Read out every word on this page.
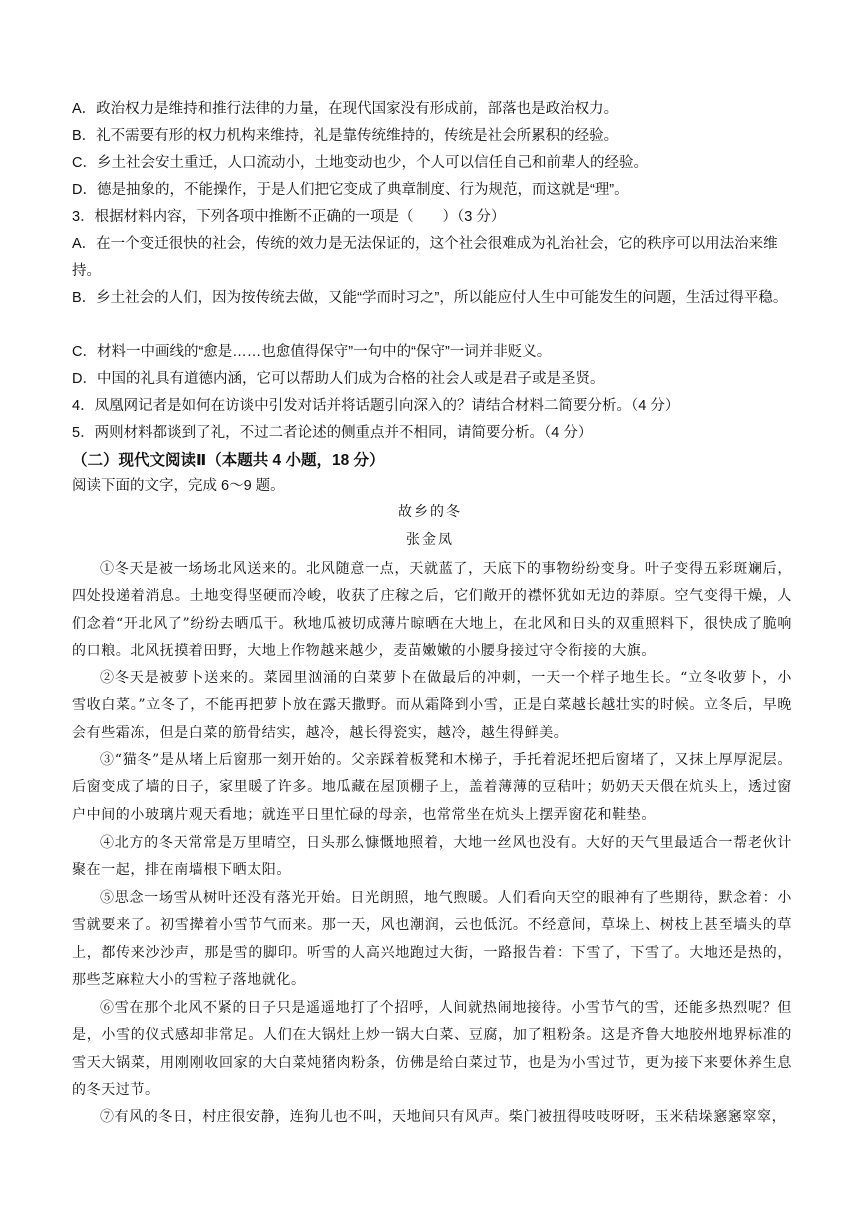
A．政治权力是维持和推行法律的力量，在现代国家没有形成前，部落也是政治权力。

B．礼不需要有形的权力机构来维持，礼是靠传统维持的，传统是社会所累积的经验。

C．乡土社会安土重迁，人口流动小，土地变动也少，个人可以信任自己和前辈人的经验。

D．德是抽象的，不能操作，于是人们把它变成了典章制度、行为规范，而这就是“理”。

3．根据材料内容，下列各项中推断不正确的一项是（　　）（3 分）

A．在一个变迁很快的社会，传统的效力是无法保证的，这个社会很难成为礼治社会，它的秩序可以用法治来维持。

B．乡土社会的人们，因为按传统去做，又能“学而时习之”，所以能应付人生中可能发生的问题，生活过得平稳。

C．材料一中画线的“愈是……也愈值得保守”一句中的“保守”一词并非贬义。

D．中国的礼具有道德内涵，它可以帮助人们成为合格的社会人或是君子或是圣贤。

4．凤凰网记者是如何在访谈中引发对话并将话题引向深入的？请结合材料二简要分析。（4 分）

5．两则材料都谈到了礼，不过二者论述的侧重点并不相同，请简要分析。（4 分）

（二）现代文阅读Ⅱ（本题共 4 小题，18 分）

阅读下面的文字，完成 6～9 题。

故乡的冬
张金凤

①冬天是被一场场北风送来的。北风随意一点，天就蓝了，天底下的事物纷纷变身。叶子变得五彩斑斓后，四处投递着消息。土地变得坚硬而冷峻，收获了庄稼之后，它们敞开的襟怀犹如无边的莽原。空气变得干燥，人们念着“开北风了”纷纷去晒瓜干。秋地瓜被切成薄片晾晒在大地上，在北风和日头的双重照料下，很快成了脆响的口粮。北风抚摸着田野，大地上作物越来越少，麦苗嫩嫩的小腰身接过守令衔接的大旗。

②冬天是被萝卜送来的。菜园里汹涌的白菜萝卜在做最后的冲刺，一天一个样子地生长。“立冬收萝卜，小雪收白菜。”立冬了，不能再把萝卜放在露天撒野。而从霜降到小雪，正是白菜越长越壮实的时候。立冬后，早晚会有些霜冻，但是白菜的筋骨结实，越冷，越长得瓷实，越冷，越生得鲜美。

③“猫冬”是从堵上后窗那一刻开始的。父亲踩着板凳和木梯子，手托着泥坯把后窗堵了，又抹上厚厚泥层。后窗变成了墙的日子，家里暖了许多。地瓜藏在屋顶棚子上，盖着薄薄的豆秸叶；奶奶天天偎在炕头上，透过窗户中间的小玻璃片观天看地；就连平日里忙碌的母亲，也常常坐在炕头上摆弄窗花和鞋垫。

④北方的冬天常常是万里晴空，日头那么慷慨地照着，大地一丝风也没有。大好的天气里最适合一帮老伙计聚在一起，排在南墙根下晒太阳。

⑤思念一场雪从树叶还没有落光开始。日光朗照，地气煦暖。人们看向天空的眼神有了些期待，默念着：小雪就要来了。初雪撵着小雪节气而来。那一天，风也潮润，云也低沉。不经意间，草垛上、树枝上甚至墙头的草上，都传来沙沙声，那是雪的脚印。听雪的人高兴地跑过大街，一路报告着：下雪了，下雪了。大地还是热的，那些芝麻粒大小的雪粒子落地就化。

⑥雪在那个北风不紧的日子只是遥遥地打了个招呼，人间就热闹地接待。小雪节气的雪，还能多热烈呢？但是，小雪的仪式感却非常足。人们在大锅灶上炒一锅大白菜、豆腐，加了粗粉条。这是齐鲁大地胶州地界标准的雪天大锅菜，用刚刚收回家的大白菜炖猪肉粉条，仿佛是给白菜过节，也是为小雪过节，更为接下来要休养生息的冬天过节。

⑦有风的冬日，村庄很安静，连狗儿也不叫，天地间只有风声。柴门被扭得吱吱呀呀，玉米秸垛窸窸窣窣，
